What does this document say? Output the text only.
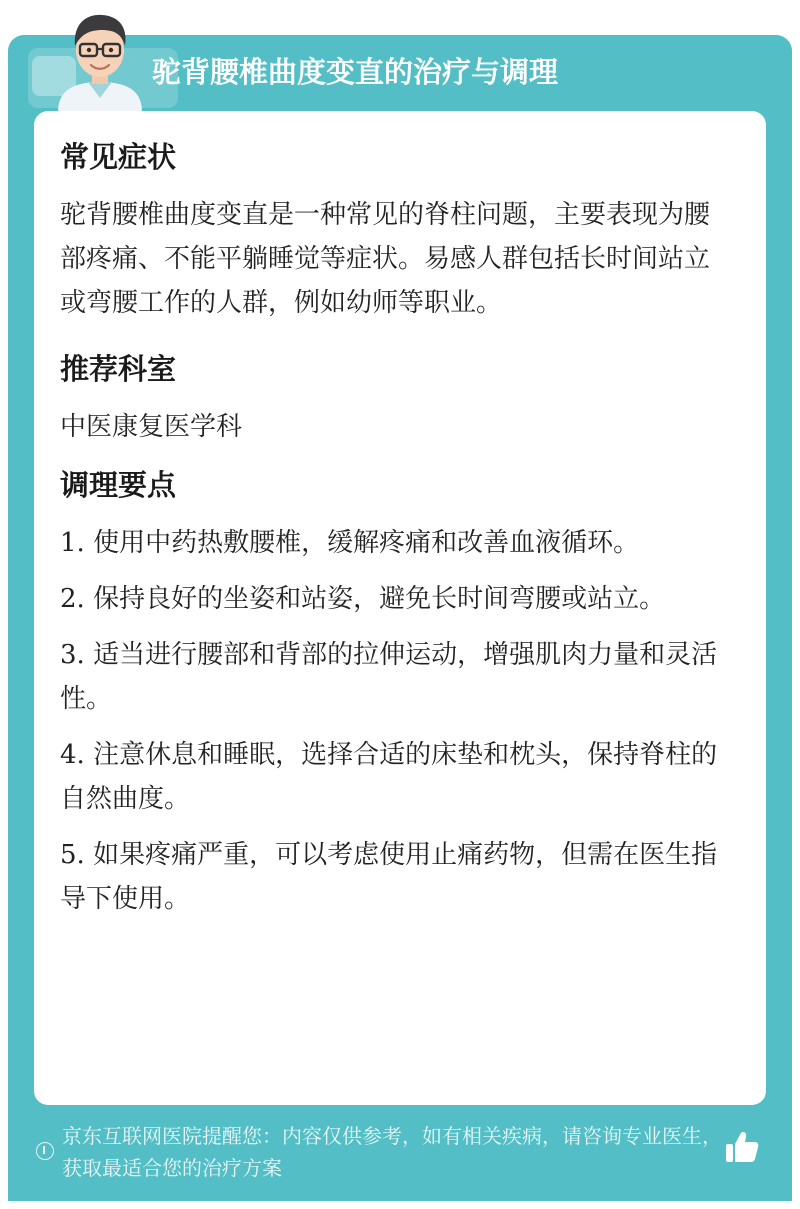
驼背腰椎曲度变直的治疗与调理
常见症状

驼背腰椎曲度变直是一种常见的脊柱问题，主要表现为腰部疼痛、不能平躺睡觉等症状。易感人群包括长时间站立或弯腰工作的人群，例如幼师等职业。

推荐科室

中医康复医学科

调理要点

1. 使用中药热敷腰椎，缓解疼痛和改善血液循环。

2. 保持良好的坐姿和站姿，避免长时间弯腰或站立。

3. 适当进行腰部和背部的拉伸运动，增强肌肉力量和灵活性。

4. 注意休息和睡眠，选择合适的床垫和枕头，保持脊柱的自然曲度。

5. 如果疼痛严重，可以考虑使用止痛药物，但需在医生指导下使用。

京东互联网医院提醒您：内容仅供参考，如有相关疾病，请咨询专业医生，获取最适合您的治疗方案
